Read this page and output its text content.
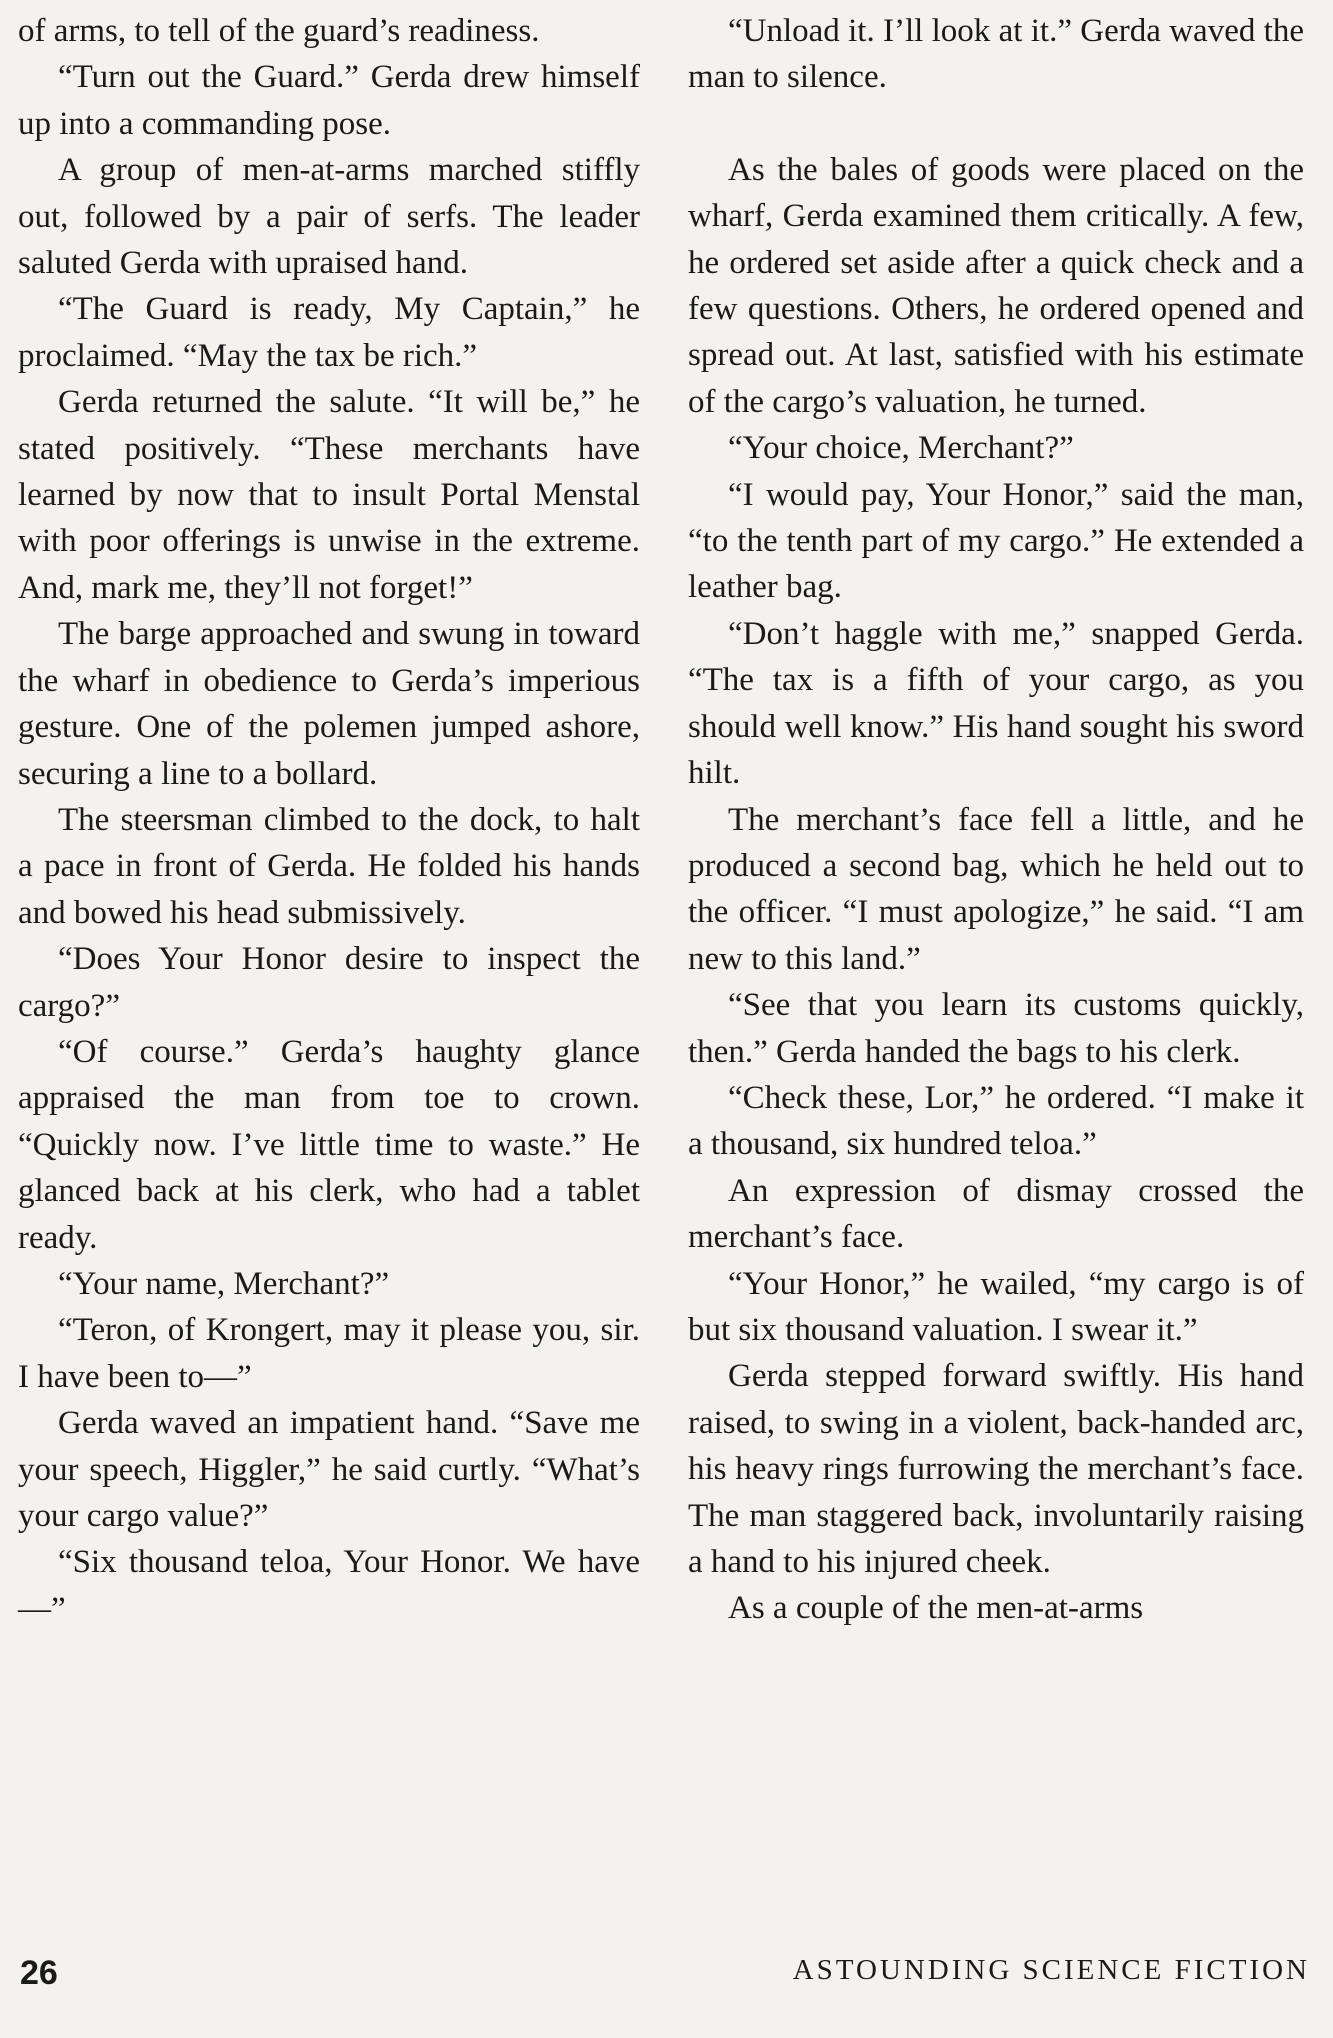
of arms, to tell of the guard’s readiness.

“Turn out the Guard.” Gerda drew himself up into a commanding pose.

A group of men-at-arms marched stiffly out, followed by a pair of serfs. The leader saluted Gerda with upraised hand.

“The Guard is ready, My Captain,” he proclaimed. “May the tax be rich.”

Gerda returned the salute. “It will be,” he stated positively. “These merchants have learned by now that to insult Portal Menstal with poor offerings is unwise in the extreme. And, mark me, they’ll not forget!”

The barge approached and swung in toward the wharf in obedience to Gerda’s imperious gesture. One of the polemen jumped ashore, securing a line to a bollard.

The steersman climbed to the dock, to halt a pace in front of Gerda. He folded his hands and bowed his head submissively.

“Does Your Honor desire to inspect the cargo?”

“Of course.” Gerda’s haughty glance appraised the man from toe to crown. “Quickly now. I’ve little time to waste.” He glanced back at his clerk, who had a tablet ready.

“Your name, Merchant?”

“Teron, of Krongert, may it please you, sir. I have been to—”

Gerda waved an impatient hand. “Save me your speech, Higgler,” he said curtly. “What’s your cargo value?”

“Six thousand teloa, Your Honor. We have—”

“Unload it. I’ll look at it.” Gerda waved the man to silence.

As the bales of goods were placed on the wharf, Gerda examined them critically. A few, he ordered set aside after a quick check and a few questions. Others, he ordered opened and spread out. At last, satisfied with his estimate of the cargo’s valuation, he turned.

“Your choice, Merchant?”

“I would pay, Your Honor,” said the man, “to the tenth part of my cargo.” He extended a leather bag.

“Don’t haggle with me,” snapped Gerda. “The tax is a fifth of your cargo, as you should well know.” His hand sought his sword hilt.

The merchant’s face fell a little, and he produced a second bag, which he held out to the officer. “I must apologize,” he said. “I am new to this land.”

“See that you learn its customs quickly, then.” Gerda handed the bags to his clerk.

“Check these, Lor,” he ordered. “I make it a thousand, six hundred teloa.”

An expression of dismay crossed the merchant’s face.

“Your Honor,” he wailed, “my cargo is of but six thousand valuation. I swear it.”

Gerda stepped forward swiftly. His hand raised, to swing in a violent, back-handed arc, his heavy rings furrowing the merchant’s face. The man staggered back, involuntarily raising a hand to his injured cheek.

As a couple of the men-at-arms

26	ASTOUNDING SCIENCE FICTION
